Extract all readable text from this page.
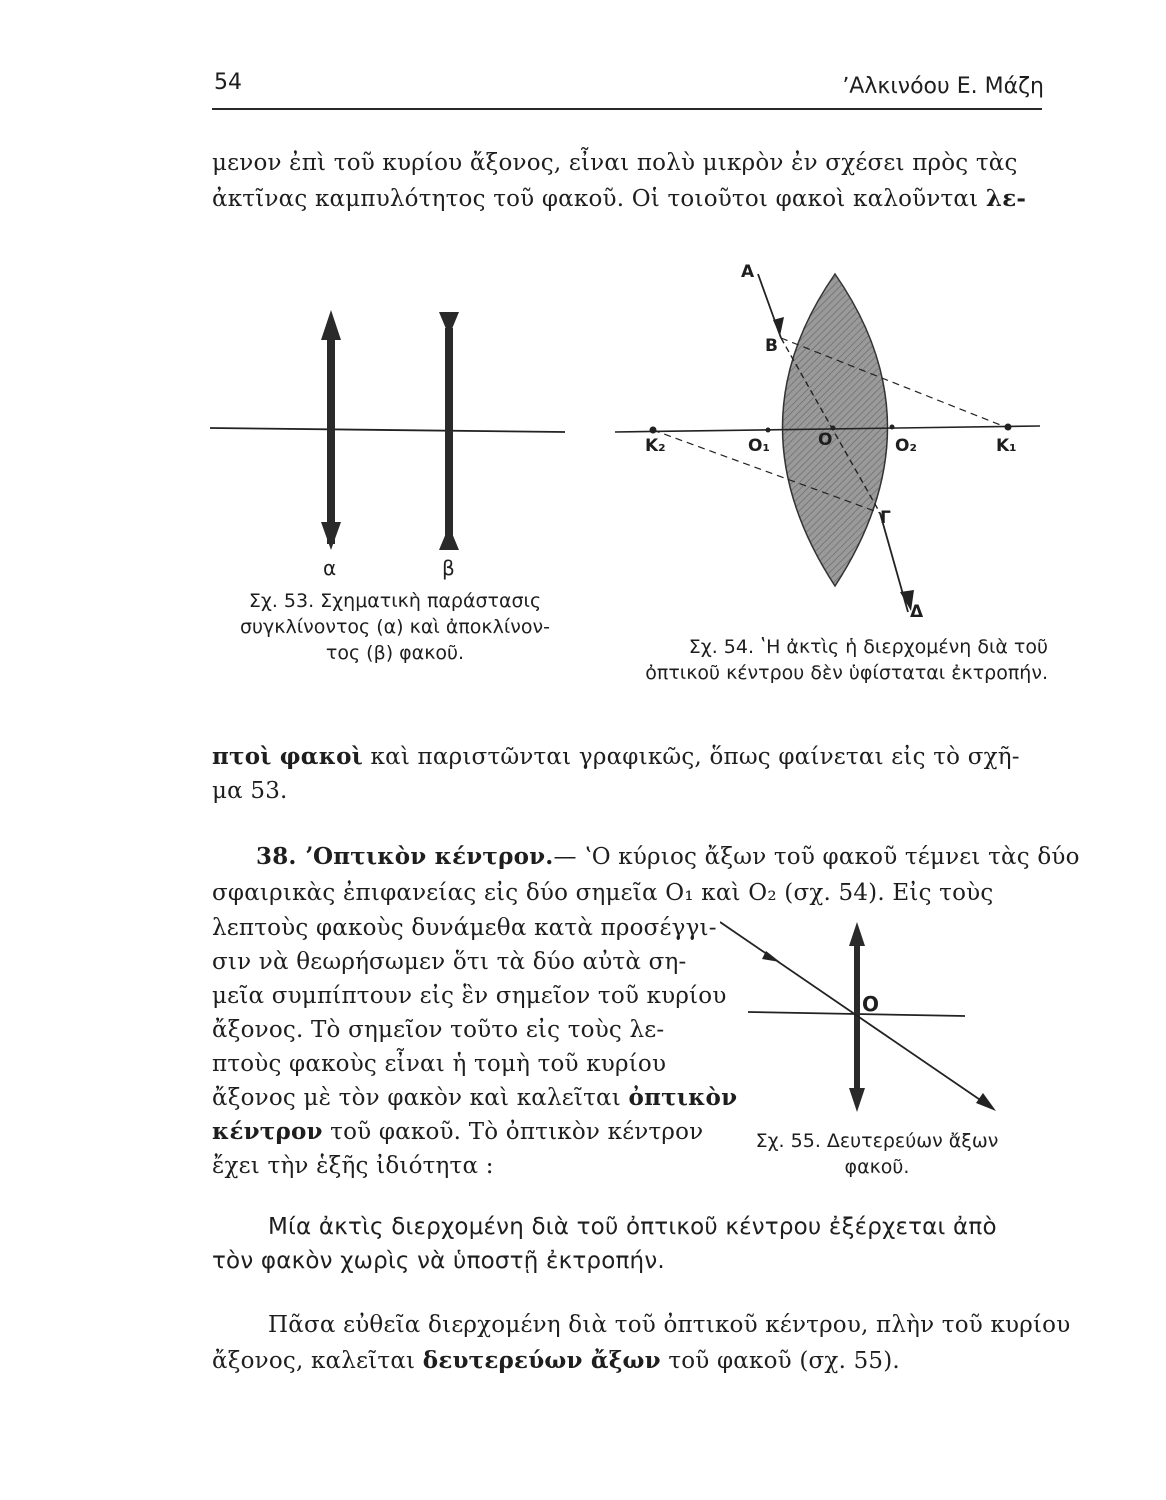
54	ʼΑλκινόου Ε. Μάζη
μενον ἐπὶ τοῦ κυρίου ἄξονος, εἶναι πολὺ μικρὸν ἐν σχέσει πρὸς τὰς
ἀκτῖνας καμπυλότητος τοῦ φακοῦ. Οἱ τοιοῦτοι φακοὶ καλοῦνται λε-
α	β
Σχ. 53. Σχηματικὴ παράστασις
συγκλίνοντος (α) καὶ ἀποκλίνον-
τος (β) φακοῦ.
Α
Β
Κ₂	Ο₁	Ο	Ο₂	Κ₁
Γ
Δ
Σχ. 54. ʽΗ ἀκτὶς ἡ διερχομένη διὰ τοῦ
ὀπτικοῦ κέντρου δὲν ὑφίσταται ἐκτροπήν.
πτοὶ φακοὶ καὶ παριστῶνται γραφικῶς, ὅπως φαίνεται εἰς τὸ σχῆ-
μα 53.
38. ʼΟπτικὸν κέντρον.— ʽΟ κύριος ἄξων τοῦ φακοῦ τέμνει τὰς δύο
σφαιρικὰς ἐπιφανείας εἰς δύο σημεῖα O₁ καὶ O₂ (σχ. 54). Εἰς τοὺς
λεπτοὺς φακοὺς δυνάμεθα κατὰ προσέγγι-
σιν νὰ θεωρήσωμεν ὅτι τὰ δύο αὐτὰ ση-
μεῖα συμπίπτουν εἰς ἓν σημεῖον τοῦ κυρίου
ἄξονος. Τὸ σημεῖον τοῦτο εἰς τοὺς λε-
πτοὺς φακοὺς εἶναι ἡ τομὴ τοῦ κυρίου
ἄξονος μὲ τὸν φακὸν καὶ καλεῖται ὀπτικὸν
κέντρον τοῦ φακοῦ. Τὸ ὀπτικὸν κέντρον
ἔχει τὴν ἑξῆς ἰδιότητα :
Ο
Σχ. 55. Δευτερεύων ἄξων
φακοῦ.
Μία ἀκτὶς διερχομένη διὰ τοῦ ὀπτικοῦ κέντρου ἐξέρχεται ἀπὸ
τὸν φακὸν χωρὶς νὰ ὑποστῇ ἐκτροπήν.
Πᾶσα εὐθεῖα διερχομένη διὰ τοῦ ὀπτικοῦ κέντρου, πλὴν τοῦ κυρίου
ἄξονος, καλεῖται δευτερεύων ἄξων τοῦ φακοῦ (σχ. 55).
